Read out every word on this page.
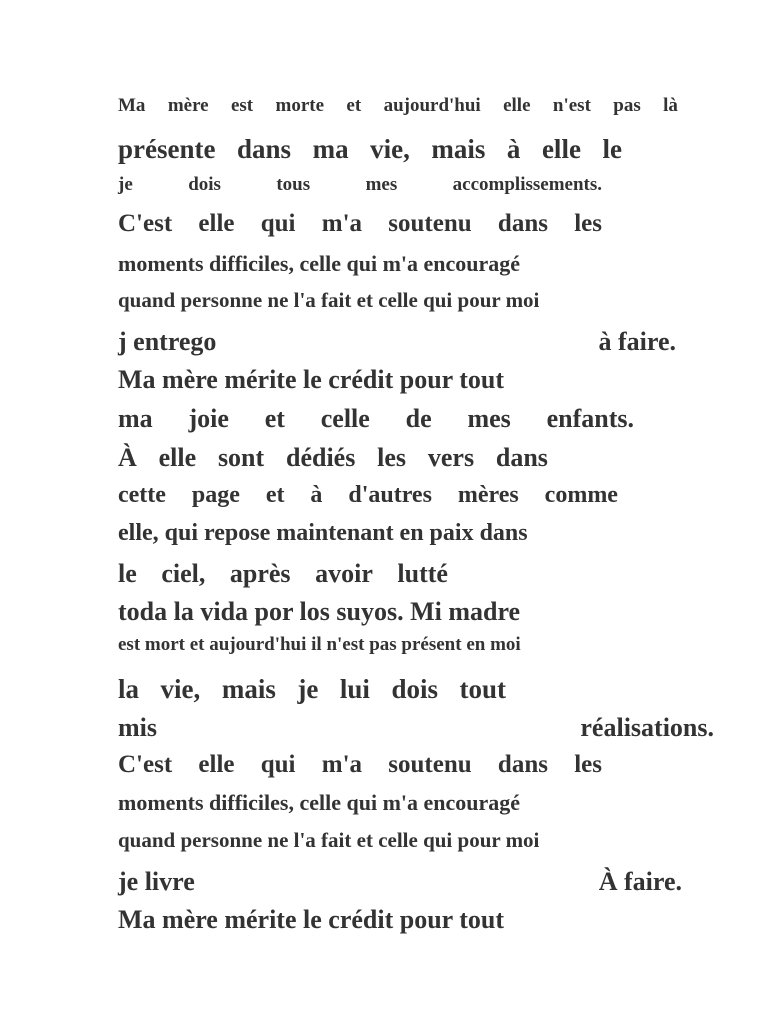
Ma mère est morte et aujourd'hui elle n'est pas là
présente dans ma vie, mais à elle le
je	dois	tous	mes	accomplissements.
C'est elle qui m'a soutenu dans les
moments difficiles, celle qui m'a encouragé
quand personne ne l'a fait et celle qui pour moi
j entrego	à faire.
Ma mère mérite le crédit pour tout
ma joie et celle de mes enfants.
À elle sont dédiés les vers dans
cette page et à d'autres mères comme
elle, qui repose maintenant en paix dans
le ciel, après avoir lutté
toda la vida por los suyos. Mi madre
est mort et aujourd'hui il n'est pas présent en moi
la vie, mais je lui dois tout
mis	réalisations.
C'est elle qui m'a soutenu dans les
moments difficiles, celle qui m'a encouragé
quand personne ne l'a fait et celle qui pour moi
je livre	À faire.
Ma mère mérite le crédit pour tout
